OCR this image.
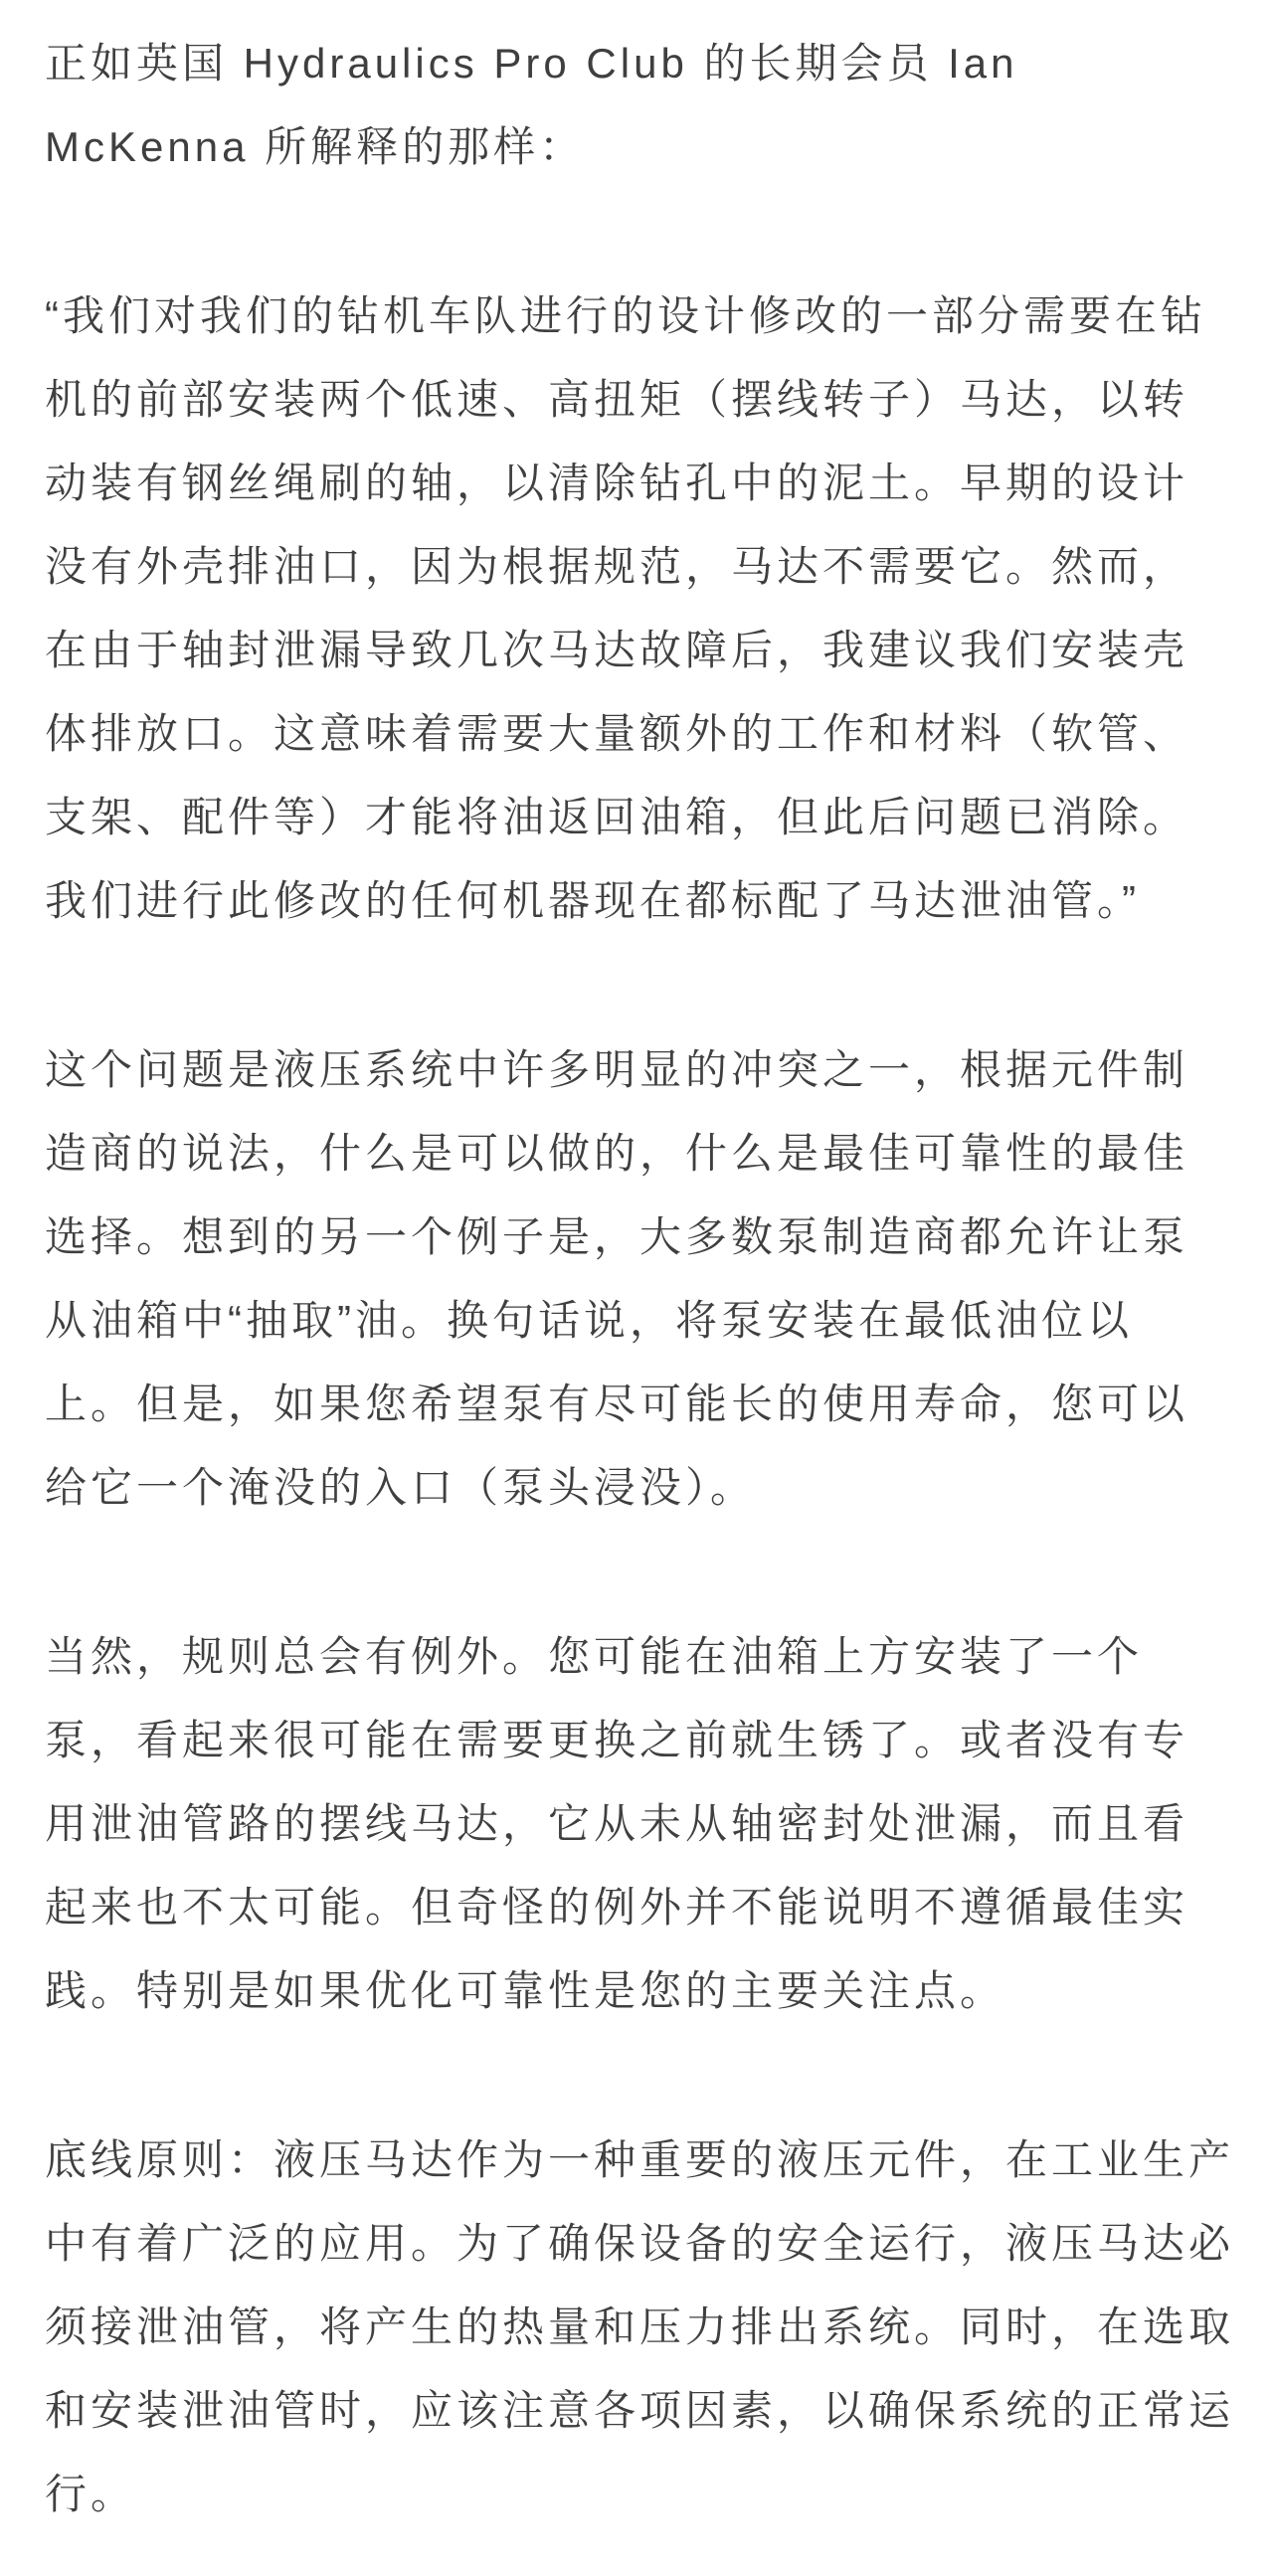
正如英国 Hydraulics Pro Club 的长期会员 Ian
McKenna 所解释的那样：

“我们对我们的钻机车队进行的设计修改的一部分需要在钻
机的前部安装两个低速、高扭矩（摆线转子）马达，以转
动装有钢丝绳刷的轴，以清除钻孔中的泥土。早期的设计
没有外壳排油口，因为根据规范，马达不需要它。然而，
在由于轴封泄漏导致几次马达故障后，我建议我们安装壳
体排放口。这意味着需要大量额外的工作和材料（软管、
支架、配件等）才能将油返回油箱，但此后问题已消除。
我们进行此修改的任何机器现在都标配了马达泄油管。”

这个问题是液压系统中许多明显的冲突之一，根据元件制
造商的说法，什么是可以做的，什么是最佳可靠性的最佳
选择。想到的另一个例子是，大多数泵制造商都允许让泵
从油箱中“抽取”油。换句话说，将泵安装在最低油位以
上。但是，如果您希望泵有尽可能长的使用寿命，您可以
给它一个淹没的入口（泵头浸没）。

当然，规则总会有例外。您可能在油箱上方安装了一个
泵，看起来很可能在需要更换之前就生锈了。或者没有专
用泄油管路的摆线马达，它从未从轴密封处泄漏，而且看
起来也不太可能。但奇怪的例外并不能说明不遵循最佳实
践。特别是如果优化可靠性是您的主要关注点。

底线原则：液压马达作为一种重要的液压元件，在工业生产
中有着广泛的应用。为了确保设备的安全运行，液压马达必
须接泄油管，将产生的热量和压力排出系统。同时，在选取
和安装泄油管时，应该注意各项因素，以确保系统的正常运
行。
